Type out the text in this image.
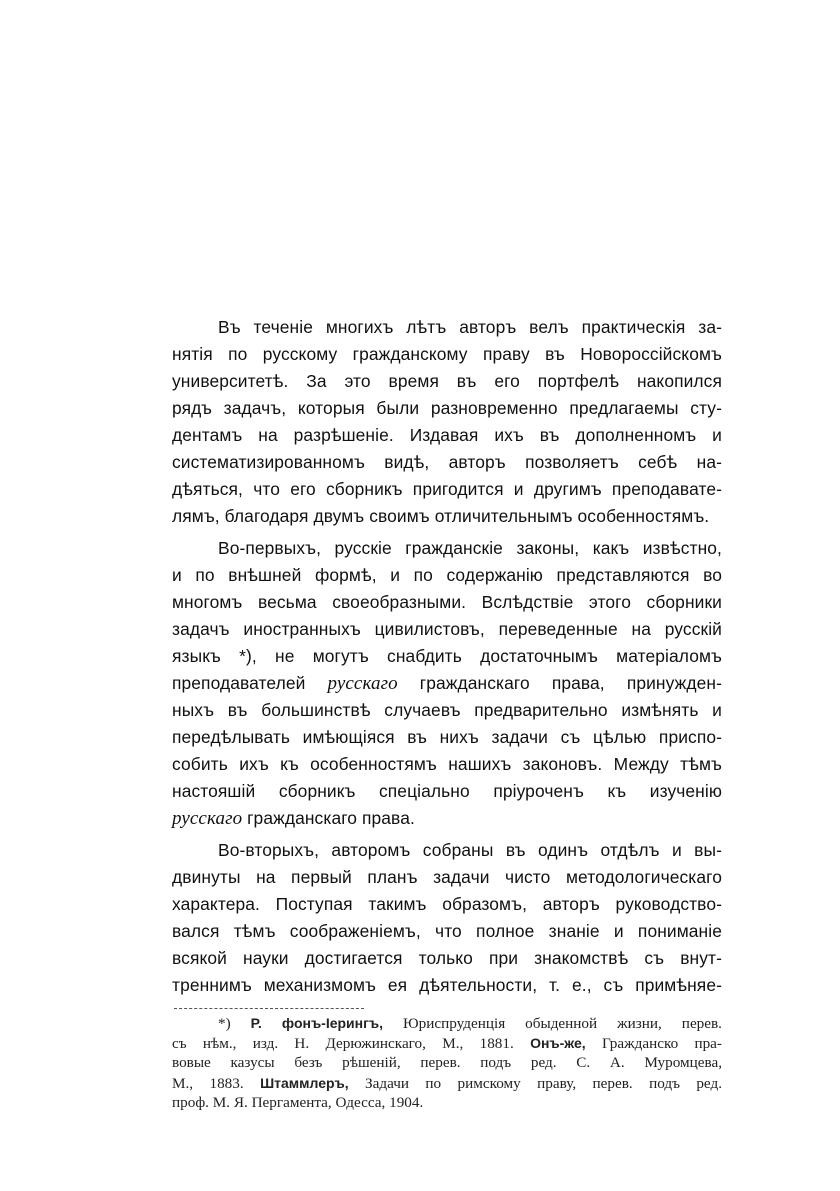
Въ теченіе многихъ лѣтъ авторъ велъ практическія за-
нятія по русскому гражданскому праву въ Новороссійскомъ
университетѣ. За это время въ его портфелѣ накопился
рядъ задачъ, которыя были разновременно предлагаемы сту-
дентамъ на разрѣшеніе. Издавая ихъ въ дополненномъ и
систематизированномъ видѣ, авторъ позволяетъ себѣ на-
дѣяться, что его сборникъ пригодится и другимъ преподавате-
лямъ, благодаря двумъ своимъ отличительнымъ особенностямъ.

Во-первыхъ, русскіе гражданскіе законы, какъ извѣстно,
и по внѣшней формѣ, и по содержанію представляются во
многомъ весьма своеобразными. Вслѣдствіе этого сборники
задачъ иностранныхъ цивилистовъ, переведенные на русскій
языкъ *), не могутъ снабдить достаточнымъ матеріаломъ
преподавателей русскаго гражданскаго права, принужден-
ныхъ въ большинствѣ случаевъ предварительно измѣнять и
передѣлывать имѣющіяся въ нихъ задачи съ цѣлью приспо-
собить ихъ къ особенностямъ нашихъ законовъ. Между тѣмъ
настояшій сборникъ спеціально пріуроченъ къ изученію
русскаго гражданскаго права.

Во-вторыхъ, авторомъ собраны въ одинъ отдѣлъ и вы-
двинуты на первый планъ задачи чисто методологическаго
характера. Поступая такимъ образомъ, авторъ руководство-
вался тѣмъ соображеніемъ, что полное знаніе и пониманіе
всякой науки достигается только при знакомствѣ съ внут-
треннимъ механизмомъ ея дѣятельности, т. е., съ примѣняе-

*) Р. фонъ-Іерингъ, Юриспруденція обыденной жизни, перев.
съ нѣм., изд. Н. Дерюжинскаго, М., 1881. Онъ-же, Гражданско пра-
вовые казусы безъ рѣшеній, перев. подъ ред. С. А. Муромцева,
М., 1883. Штаммлеръ, Задачи по римскому праву, перев. подъ ред.
проф. М. Я. Пергамента, Одесса, 1904.
